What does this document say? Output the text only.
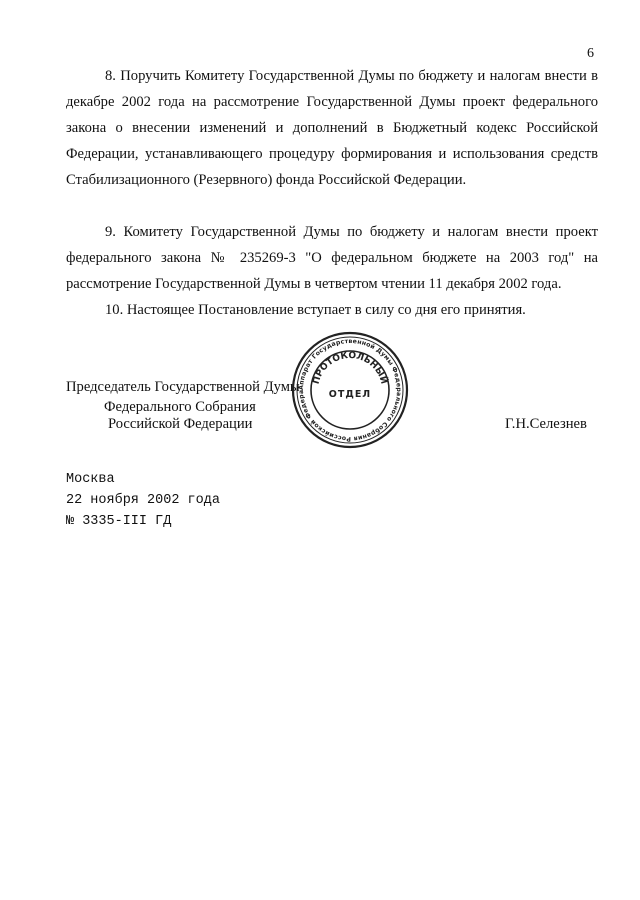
6

8. Поручить Комитету Государственной Думы по бюджету и налогам внести в декабре 2002 года на рассмотрение Государственной Думы проект федерального закона о внесении изменений и дополнений в Бюджетный кодекс Российской Федерации, устанавливающего процедуру формирования и использования средств Стабилизационного (Резервного) фонда Российской Федерации.

9. Комитету Государственной Думы по бюджету и налогам внести проект федерального закона № 235269-3 "О федеральном бюджете на 2003 год" на рассмотрение Государственной Думы в четвертом чтении 11 декабря 2002 года.

10. Настоящее Постановление вступает в силу со дня его принятия.

Председатель Государственной Думы
Федерального Собрания
Российской Федерации	Г.Н.Селезнев
Аппарат Государственной Думы Федерального Собрания Российской Федера
ПРОТОКОЛЬНЫЙ
ОТДЕЛ
Москва
22 ноября 2002 года
№ 3335-III ГД
